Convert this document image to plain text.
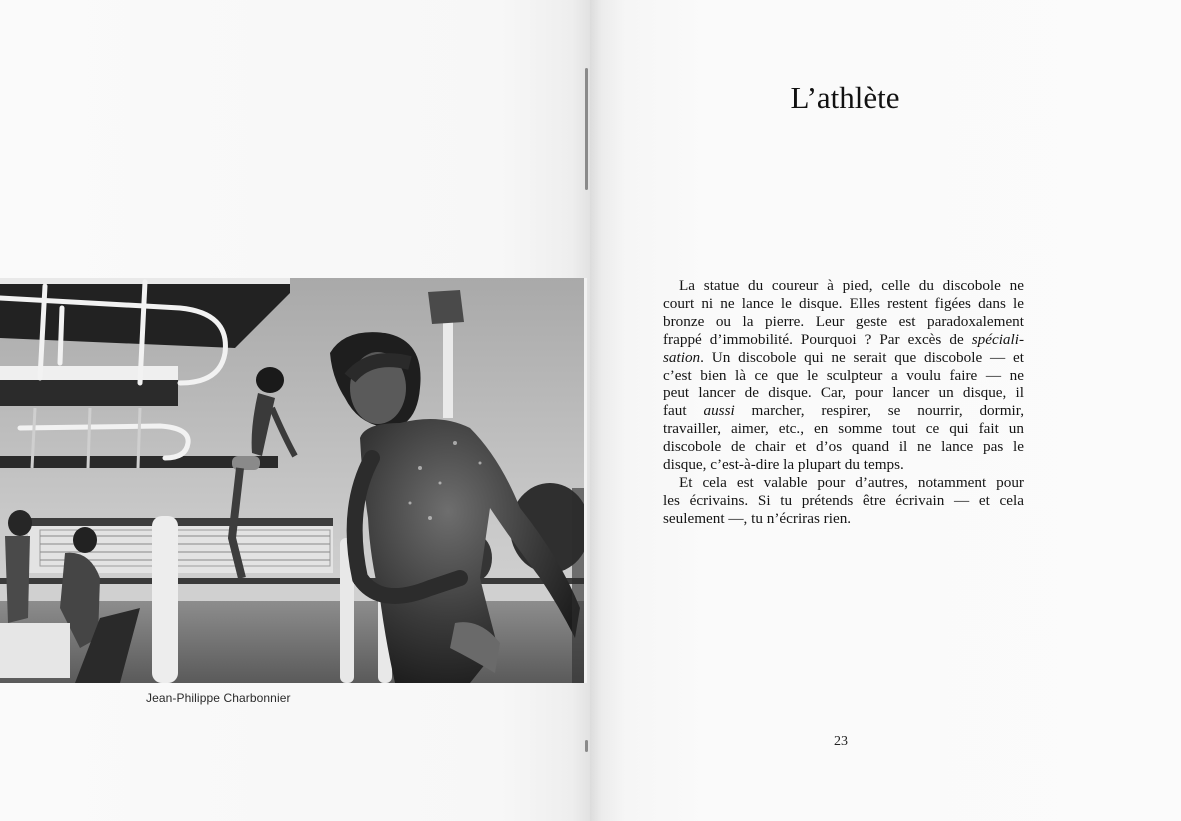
Jean-Philippe Charbonnier
L’athlète
La statue du coureur à pied, celle du discobole ne
court ni ne lance le disque. Elles restent figées dans le
bronze ou la pierre. Leur geste est paradoxalement
frappé d’immobilité. Pourquoi ? Par excès de spéciali-
sation. Un discobole qui ne serait que discobole — et
c’est bien là ce que le sculpteur a voulu faire — ne
peut lancer de disque. Car, pour lancer un disque, il
faut aussi marcher, respirer, se nourrir, dormir,
travailler, aimer, etc., en somme tout ce qui fait un
discobole de chair et d’os quand il ne lance pas le
disque, c’est-à-dire la plupart du temps.
Et cela est valable pour d’autres, notamment pour
les écrivains. Si tu prétends être écrivain — et cela
seulement —, tu n’écriras rien.
23
